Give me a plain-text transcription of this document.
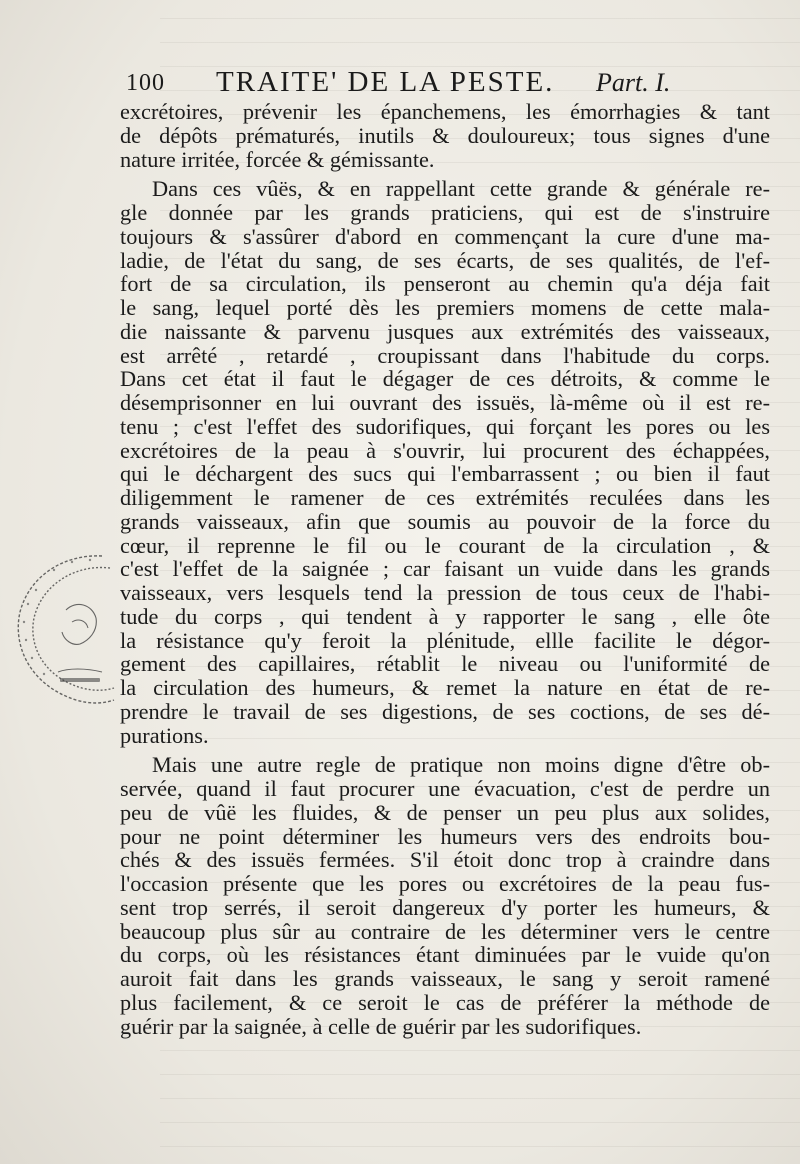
100 TRAITE' DE LA PESTE. Part. I.
excrétoires, prévenir les épanchemens, les émorrhagies & tant
de dépôts prématurés, inutils & douloureux; tous signes d'une
nature irritée, forcée & gémissante.
Dans ces vûës, & en rappellant cette grande & générale re-
gle donnée par les grands praticiens, qui est de s'instruire
toujours & s'assûrer d'abord en commençant la cure d'une ma-
ladie, de l'état du sang, de ses écarts, de ses qualités, de l'ef-
fort de sa circulation, ils penseront au chemin qu'a déja fait
le sang, lequel porté dès les premiers momens de cette mala-
die naissante & parvenu jusques aux extrémités des vaisseaux,
est arrêté , retardé , croupissant dans l'habitude du corps.
Dans cet état il faut le dégager de ces détroits, & comme le
désemprisonner en lui ouvrant des issuës, là-même où il est re-
tenu ; c'est l'effet des sudorifiques, qui forçant les pores ou les
excrétoires de la peau à s'ouvrir, lui procurent des échappées,
qui le déchargent des sucs qui l'embarrassent ; ou bien il faut
diligemment le ramener de ces extrémités reculées dans les
grands vaisseaux, afin que soumis au pouvoir de la force du
cœur, il reprenne le fil ou le courant de la circulation , &
c'est l'effet de la saignée ; car faisant un vuide dans les grands
vaisseaux, vers lesquels tend la pression de tous ceux de l'habi-
tude du corps , qui tendent à y rapporter le sang , elle ôte
la résistance qu'y feroit la plénitude, ellle facilite le dégor-
gement des capillaires, rétablit le niveau ou l'uniformité de
la circulation des humeurs, & remet la nature en état de re-
prendre le travail de ses digestions, de ses coctions, de ses dé-
purations.
Mais une autre regle de pratique non moins digne d'être ob-
servée, quand il faut procurer une évacuation, c'est de perdre un
peu de vûë les fluides, & de penser un peu plus aux solides,
pour ne point déterminer les humeurs vers des endroits bou-
chés & des issuës fermées. S'il étoit donc trop à craindre dans
l'occasion présente que les pores ou excrétoires de la peau fus-
sent trop serrés, il seroit dangereux d'y porter les humeurs, &
beaucoup plus sûr au contraire de les déterminer vers le centre
du corps, où les résistances étant diminuées par le vuide qu'on
auroit fait dans les grands vaisseaux, le sang y seroit ramené
plus facilement, & ce seroit le cas de préférer la méthode de
guérir par la saignée, à celle de guérir par les sudorifiques.
